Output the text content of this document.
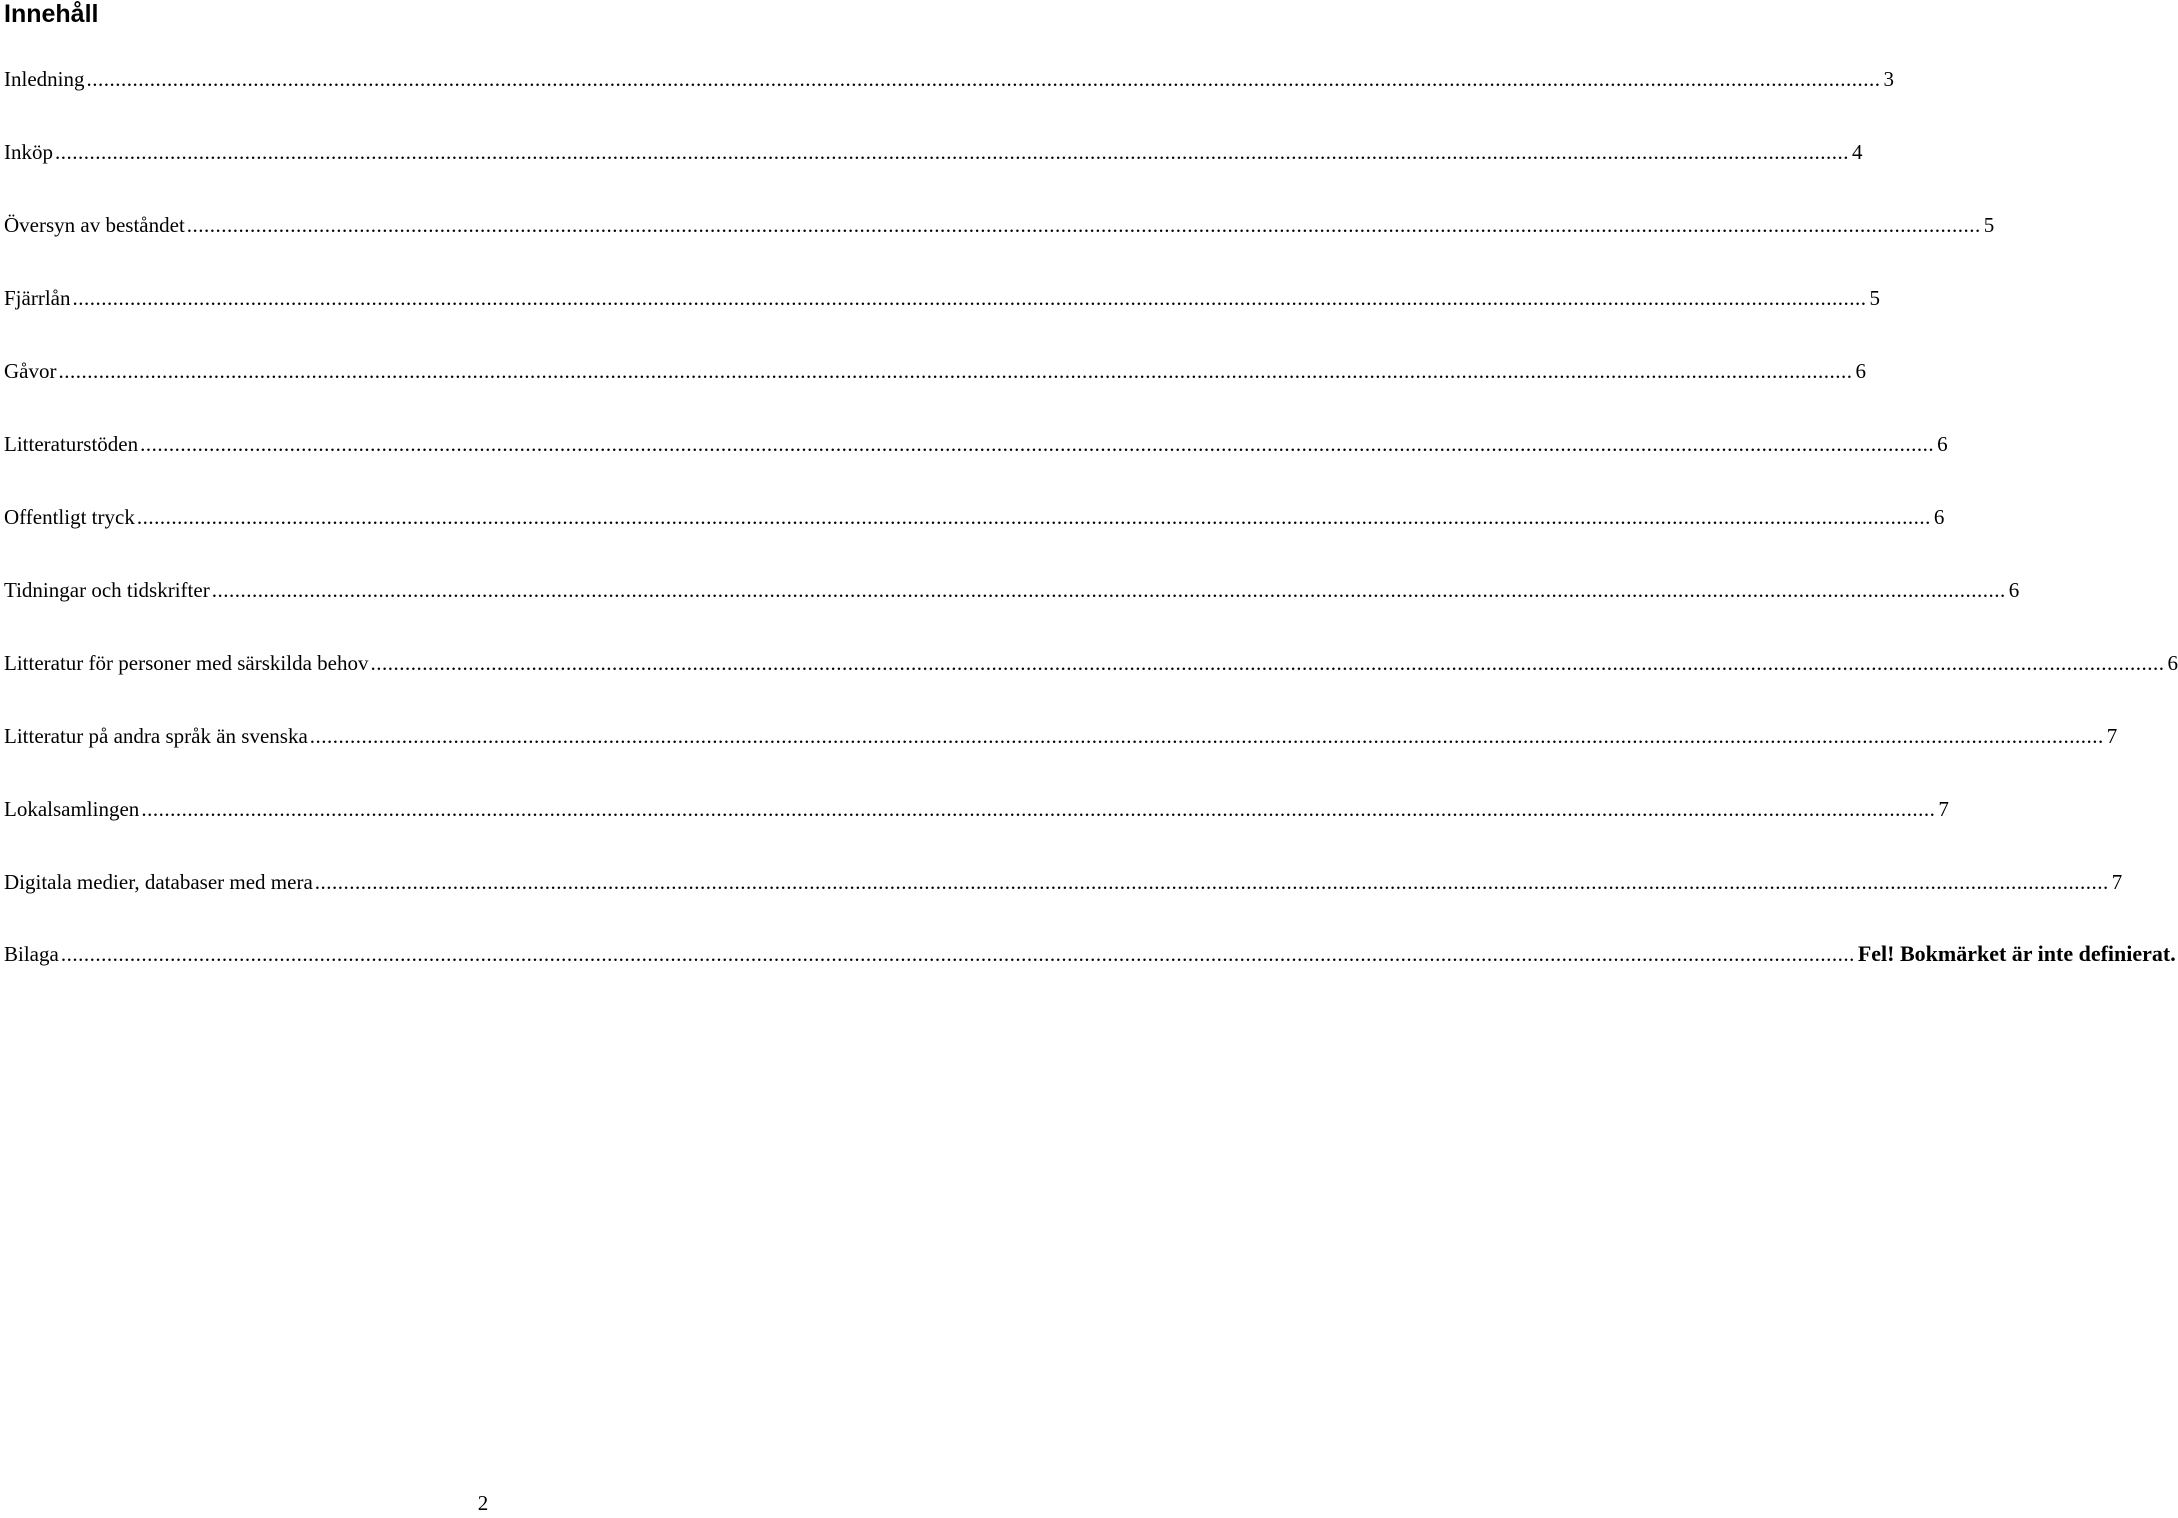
Innehåll
Inledning ........................................................................................................................................................................................................................................................................................................................ 3
Inköp ........................................................................................................................................................................................................................................................................................................................ 4
Översyn av beståndet ........................................................................................................................................................................................................................................................................................................................ 5
Fjärrlån ........................................................................................................................................................................................................................................................................................................................ 5
Gåvor ........................................................................................................................................................................................................................................................................................................................ 6
Litteraturstöden ........................................................................................................................................................................................................................................................................................................................ 6
Offentligt tryck ........................................................................................................................................................................................................................................................................................................................ 6
Tidningar och tidskrifter ........................................................................................................................................................................................................................................................................................................................ 6
Litteratur för personer med särskilda behov ........................................................................................................................................................................................................................................................................................................................ 6
Litteratur på andra språk än svenska ........................................................................................................................................................................................................................................................................................................................ 7
Lokalsamlingen ........................................................................................................................................................................................................................................................................................................................ 7
Digitala medier, databaser med mera ........................................................................................................................................................................................................................................................................................................................ 7
Bilaga ........................................................................................................................................................................................................................................................................................................................ Fel! Bokmärket är inte definierat.
2
